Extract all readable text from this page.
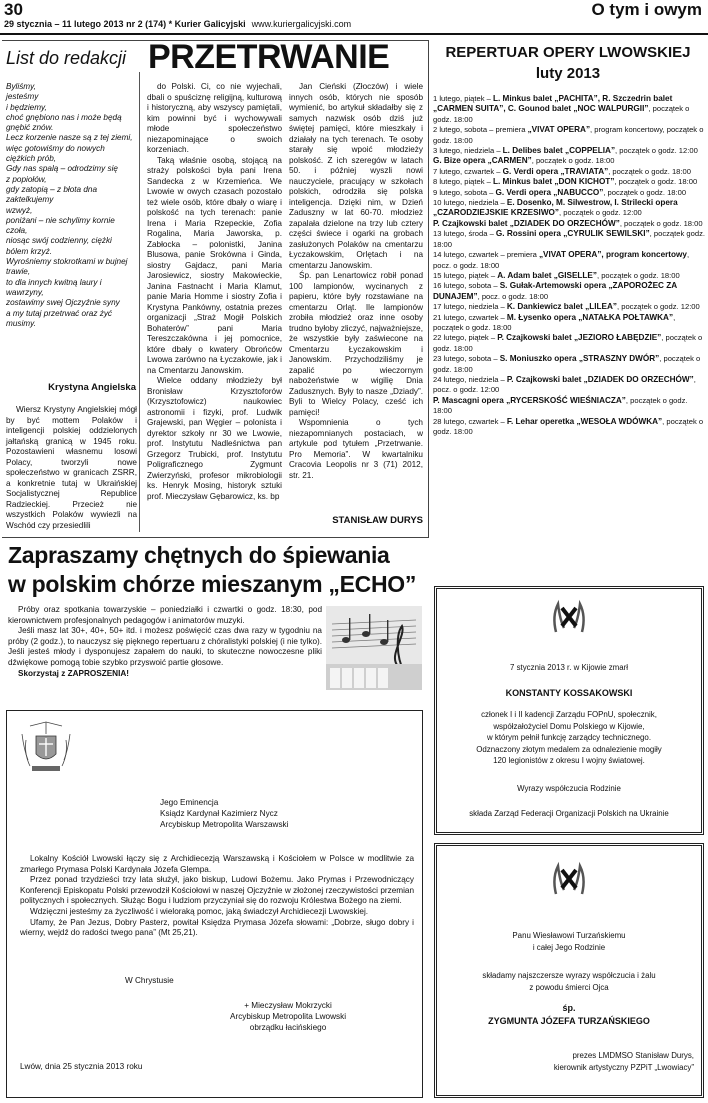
30
29 stycznia – 11 lutego 2013 nr 2 (174) * Kurier Galicyjski www.kuriergalicyjski.com
O tym i owym
List do redakcji PRZETRWANIE
Byliśmy,
jesteśmy
i będziemy,
choć gnębiono nas i może będą
gnębić znów.
Lecz korzenie nasze są z tej ziemi,
więc gotowiśmy do nowych
ciężkich prób,
Gdy nas spalą – odrodzimy się
z popiołów,
gdy zatopią – z błota dna
zaktelkujemy
wzwyż,
poniżani – nie schylimy kornie
czoła,
niosąc swój codzienny, ciężki
bólem krzyż.
Wyrośniemy stokrotkami w bujnej
trawie,
to dla innych kwitną laury i
wawrzyny,
zostawimy swej Ojczyźnie syny
a my tutaj przetrwać oraz żyć
musimy.
Krystyna Angielska

Wiersz Krystyny Angielskiej mógł by być mottem Polaków i inteligencji polskiej oddzielonych jałtańską granicą w 1945 roku. Pozostawieni własnemu losowi Polacy, tworzyli nowe społeczeństwo w granicach ZSRR, a konkretnie tutaj w Ukraińskiej Socjalistycznej Republice Radzieckiej. Przecież nie wszystkich Polaków wywiezli na Wschód czy przesiedlili

do Polski. Ci, co nie wyjechali, dbali o spuściznę religijną, kulturową i historyczną, aby wszyscy pamiętali, kim powinni być i wychowywali młode społeczeństwo niezapominające o swoich korzeniach.

Taką właśnie osobą, stojącą na straży polskości była pani Irena Sandecka z w Krzemieńca. We Lwowie w owych czasach pozostało też wiele osób, które dbały o wiarę i polskość na tych terenach: panie Irena i Maria Rzepeckie, Zofia Rogalina, Maria Jaworska, p. Zabłocka – polonistki, Janina Blusowa, panie Srokówna i Ginda, siostry Gajdacz, pani Maria Jarosiewicz, siostry Makowieckie, Janina Fastnacht i Maria Klamut, panie Maria Homme i siostry Zofia i Krystyna Pankówny, ostatnia prezes organizacji „Straż Mogił Polskich Bohaterów” pani Maria Tereszczakówna i jej pomocnice, które dbały o kwatery Obrońców Lwowa zarówno na Łyczakowie, jak i na Cmentarzu Janowskim.

Wielce oddany młodzieży był Bronisław Krzysztoforów (Krzysztofowicz) naukowiec astronomii i fizyki, prof. Ludwik Grajewski, pan Węgier – polonista i dyrektor szkoły nr 30 we Lwowie, prof. Instytutu Nadleśnictwa pan Grzegorz Trubicki, prof. Instytutu Poligraficznego Zygmunt Zwierzyński, profesor mikrobiologii ks. Henryk Mosing, historyk sztuki prof. Mieczysław Gębarowicz, ks. bp

Jan Cieński (Złoczów) i wiele innych osób, których nie sposób wymienić, bo artykuł składałby się z samych nazwisk osób dziś już świętej pamięci, które mieszkały i działały na tych terenach. Te osoby starały się wpoić młodzieży polskość. Z ich szeregów w latach 50. i później wyszli nowi nauczyciele, pracujący w szkołach polskich, odrodziła się polska inteligencja. Dzięki nim, w Dzień Zaduszny w lat 60-70. młodzież zapalała dzielone na trzy lub cztery części świece i ogarki na grobach zasłużonych Polaków na cmentarzu Łyczakowskim, Orlętach i na cmentarzu Janowskim.

Śp. pan Lenartowicz robił ponad 100 lampionów, wycinanych z papieru, które były rozstawiane na cmentarzu Orląt. Ile lampionów zrobiła młodzież oraz inne osoby trudno byłoby zliczyć, najważniejsze, że wszystkie były zaświecone na Cmentarzu Łyczakowskim i Janowskim. Przychodziliśmy je zapalić po wieczornym nabożeństwie w wigilię Dnia Zadusznych. Były to nasze „Dziady”. Byli to Wielcy Polacy, cześć ich pamięci!

Wspomnienia o tych niezapomnianych postaciach, w artykule pod tytułem „Przetrwanie. Pro Memoria”. W kwartalniku Cracovia Leopolis nr 3 (71) 2012, str. 21.

STANISŁAW DURYS
REPERTUAR OPERY LWOWSKIEJ luty 2013
1 lutego, piątek – L. Minkus balet „PACHITA”, R. Szczedrin balet „CARMEN SUITA”, C. Gounod balet „NOC WALPURGII”, początek o godz. 18:00
2 lutego, sobota – premiera „VIVAT OPERA”, program koncertowy, początek o godz. 18:00
3 lutego, niedziela – L. Delibes balet „COPPELIA”, początek o godz. 12:00
G. Bize opera „CARMEN”, początek o godz. 18:00
7 lutego, czwartek – G. Verdi opera „TRAVIATA”, początek o godz. 18:00
8 lutego, piątek – L. Minkus balet „DON KICHOT”, początek o godz. 18:00
9 lutego, sobota – G. Verdi opera „NABUCCO”, początek o godz. 18:00
10 lutego, niedziela – E. Dosenko, M. Silwestrow, I. Strilecki opera „CZARODZIEJSKIE KRZESIWO”, początek o godz. 12:00
P. Czajkowski balet „DZIADEK DO ORZECHÓW”, początek o godz. 18:00
13 lutego, środa – G. Rossini opera „CYRULIK SEWILSKI”, początek godz. 18:00
14 lutego, czwartek – premiera „VIVAT OPERA”, program koncertowy, pocz. o godz. 18:00
15 lutego, piątek – A. Adam balet „GISELLE”, początek o godz. 18:00
16 lutego, sobota – S. Gułak-Artemowski opera „ZAPOROŻEC ZA DUNAJEM”, pocz. o godz. 18:00
17 lutego, niedziela – K. Dankiewicz balet „LILEA”, początek o godz. 12:00
21 lutego, czwartek – M. Łysenko opera „NATAŁKA POŁTAWKA”, początek o godz. 18:00
22 lutego, piątek – P. Czajkowski balet „JEZIORO ŁABĘDZIE”, początek o godz. 18:00
23 lutego, sobota – S. Moniuszko opera „STRASZNY DWÓR”, początek o godz. 18:00
24 lutego, niedziela – P. Czajkowski balet „DZIADEK DO ORZECHÓW”, pocz. o godz. 12:00
P. Mascagni opera „RYCERSKOŚĆ WIEŚNIACZA”, początek o godz. 18:00
28 lutego, czwartek – F. Lehar operetka „WESOŁA WDÓWKA”, początek o godz. 18:00
Zapraszamy chętnych do śpiewania
w polskim chórze mieszanym „ECHO”

Próby oraz spotkania towarzyskie – poniedziałki i czwartki o godz. 18:30, pod kierownictwem profesjonalnych pedagogów i animatorów muzyki.

Jeśli masz lat 30+, 40+, 50+ itd. i możesz poświęcić czas dwa razy w tygodniu na próby (2 godz.), to nauczysz się pięknego repertuaru z chóralistyki polskiej (i nie tylko). Jeśli jesteś młody i dysponujesz zapałem do nauki, to skuteczne nowoczesne pliki dźwiękowe pomogą tobie szybko przyswoić partie głosowe.

Skorzystaj z ZAPROSZENIA!

Jego Eminencja
Ksiądz Kardynał Kazimierz Nycz
Arcybiskup Metropolita Warszawski

Lokalny Kościół Lwowski łączy się z Archidiecezją Warszawską i Kościołem w Polsce w modlitwie za zmarłego Prymasa Polski Kardynała Józefa Glempa.

Przez ponad trzydzieści trzy lata służył, jako biskup, Ludowi Bożemu. Jako Prymas i Przewodniczący Konferencji Episkopatu Polski przewodził Kościołowi w naszej Ojczyźnie w złożonej rzeczywistości przemian politycznych i społecznych. Służąc Bogu i ludziom przyczyniał się do rozwoju Królestwa Bożego na ziemi.

Wdzięczni jesteśmy za życzliwość i wieloraką pomoc, jaką świadczył Archidiecezji Lwowskiej.

Ufamy, że Pan Jezus, Dobry Pasterz, powitał Księdza Prymasa Józefa słowami: „Dobrze, sługo dobry i wierny, wejdź do radości twego pana” (Mt 25,21).

W Chrystusie
+ Mieczysław Mokrzycki
Arcybiskup Metropolita Lwowski
obrządku łacińskiego
Lwów, dnia 25 stycznia 2013 roku
7 stycznia 2013 r. w Kijowie zmarł
KONSTANTY KOSSAKOWSKI
członek I i II kadencji Zarządu FOPnU, społecznik,
współzałożyciel Domu Polskiego w Kijowie,
w którym pełnił funkcję zarządcy technicznego.
Odznaczony złotym medalem za odnalezienie mogiły
120 legionistów z okresu I wojny światowej.
Wyrazy współczucia Rodzinie
składa Zarząd Federacji Organizacji Polskich na Ukrainie
Panu Wiesławowi Turzańskiemu
i całej Jego Rodzinie
składamy najszczersze wyrazy współczucia i żalu
z powodu śmierci Ojca
śp.
ZYGMUNTA JÓZEFA TURZAŃSKIEGO
prezes LMDMSO Stanisław Durys,
kierownik artystyczny PZPiT „Lwowiacy”
